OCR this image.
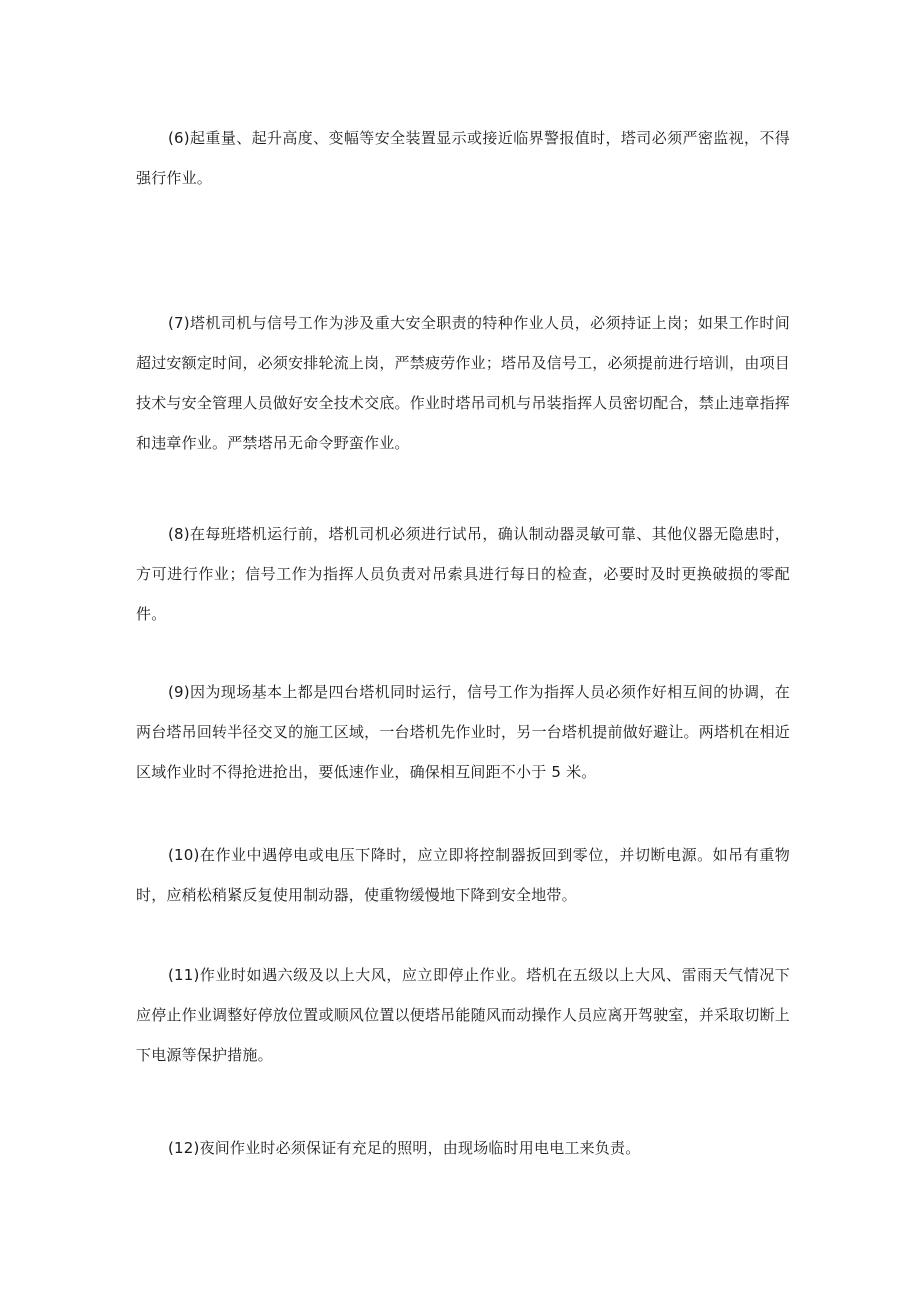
(6)起重量、起升高度、变幅等安全装置显示或接近临界警报值时，塔司必须严密监视，不得强行作业。

(7)塔机司机与信号工作为涉及重大安全职责的特种作业人员，必须持证上岗；如果工作时间超过安额定时间，必须安排轮流上岗，严禁疲劳作业；塔吊及信号工，必须提前进行培训，由项目技术与安全管理人员做好安全技术交底。作业时塔吊司机与吊装指挥人员密切配合，禁止违章指挥和违章作业。严禁塔吊无命令野蛮作业。

(8)在每班塔机运行前，塔机司机必须进行试吊，确认制动器灵敏可靠、其他仪器无隐患时，方可进行作业；信号工作为指挥人员负责对吊索具进行每日的检查，必要时及时更换破损的零配件。

(9)因为现场基本上都是四台塔机同时运行，信号工作为指挥人员必须作好相互间的协调，在两台塔吊回转半径交叉的施工区域，一台塔机先作业时，另一台塔机提前做好避让。两塔机在相近区域作业时不得抢进抢出，要低速作业，确保相互间距不小于 5 米。

(10)在作业中遇停电或电压下降时，应立即将控制器扳回到零位，并切断电源。如吊有重物时，应稍松稍紧反复使用制动器，使重物缓慢地下降到安全地带。

(11)作业时如遇六级及以上大风，应立即停止作业。塔机在五级以上大风、雷雨天气情况下应停止作业调整好停放位置或顺风位置以便塔吊能随风而动操作人员应离开驾驶室，并采取切断上下电源等保护措施。

(12)夜间作业时必须保证有充足的照明，由现场临时用电电工来负责。
